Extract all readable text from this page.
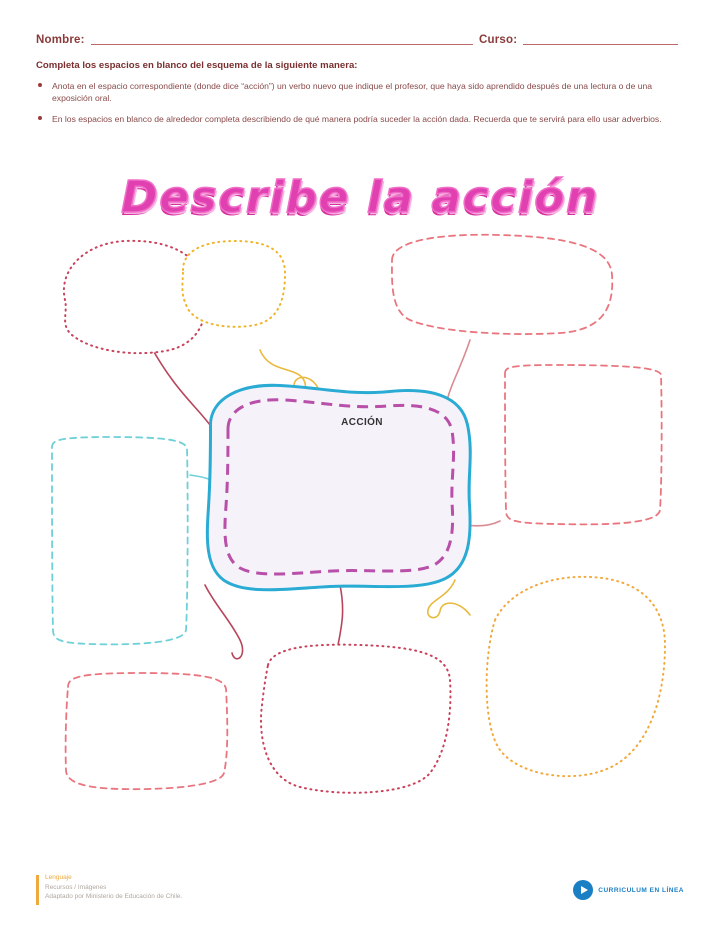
Nombre:	Curso:
Completa los espacios en blanco del esquema de la siguiente manera:
Anota en el espacio correspondiente (donde dice “acción”) un verbo nuevo que indique el profesor, que haya sido aprendido después de una lectura o de una exposición oral.
En los espacios en blanco de alrededor completa describiendo de qué manera podría suceder la acción dada. Recuerda que te servirá para ello usar adverbios.
Describe la acción
ACCIÓN
Lenguaje
Recursos / Imágenes
Adaptado por Ministerio de Educación de Chile.
CURRICULUM EN LÍNEA
